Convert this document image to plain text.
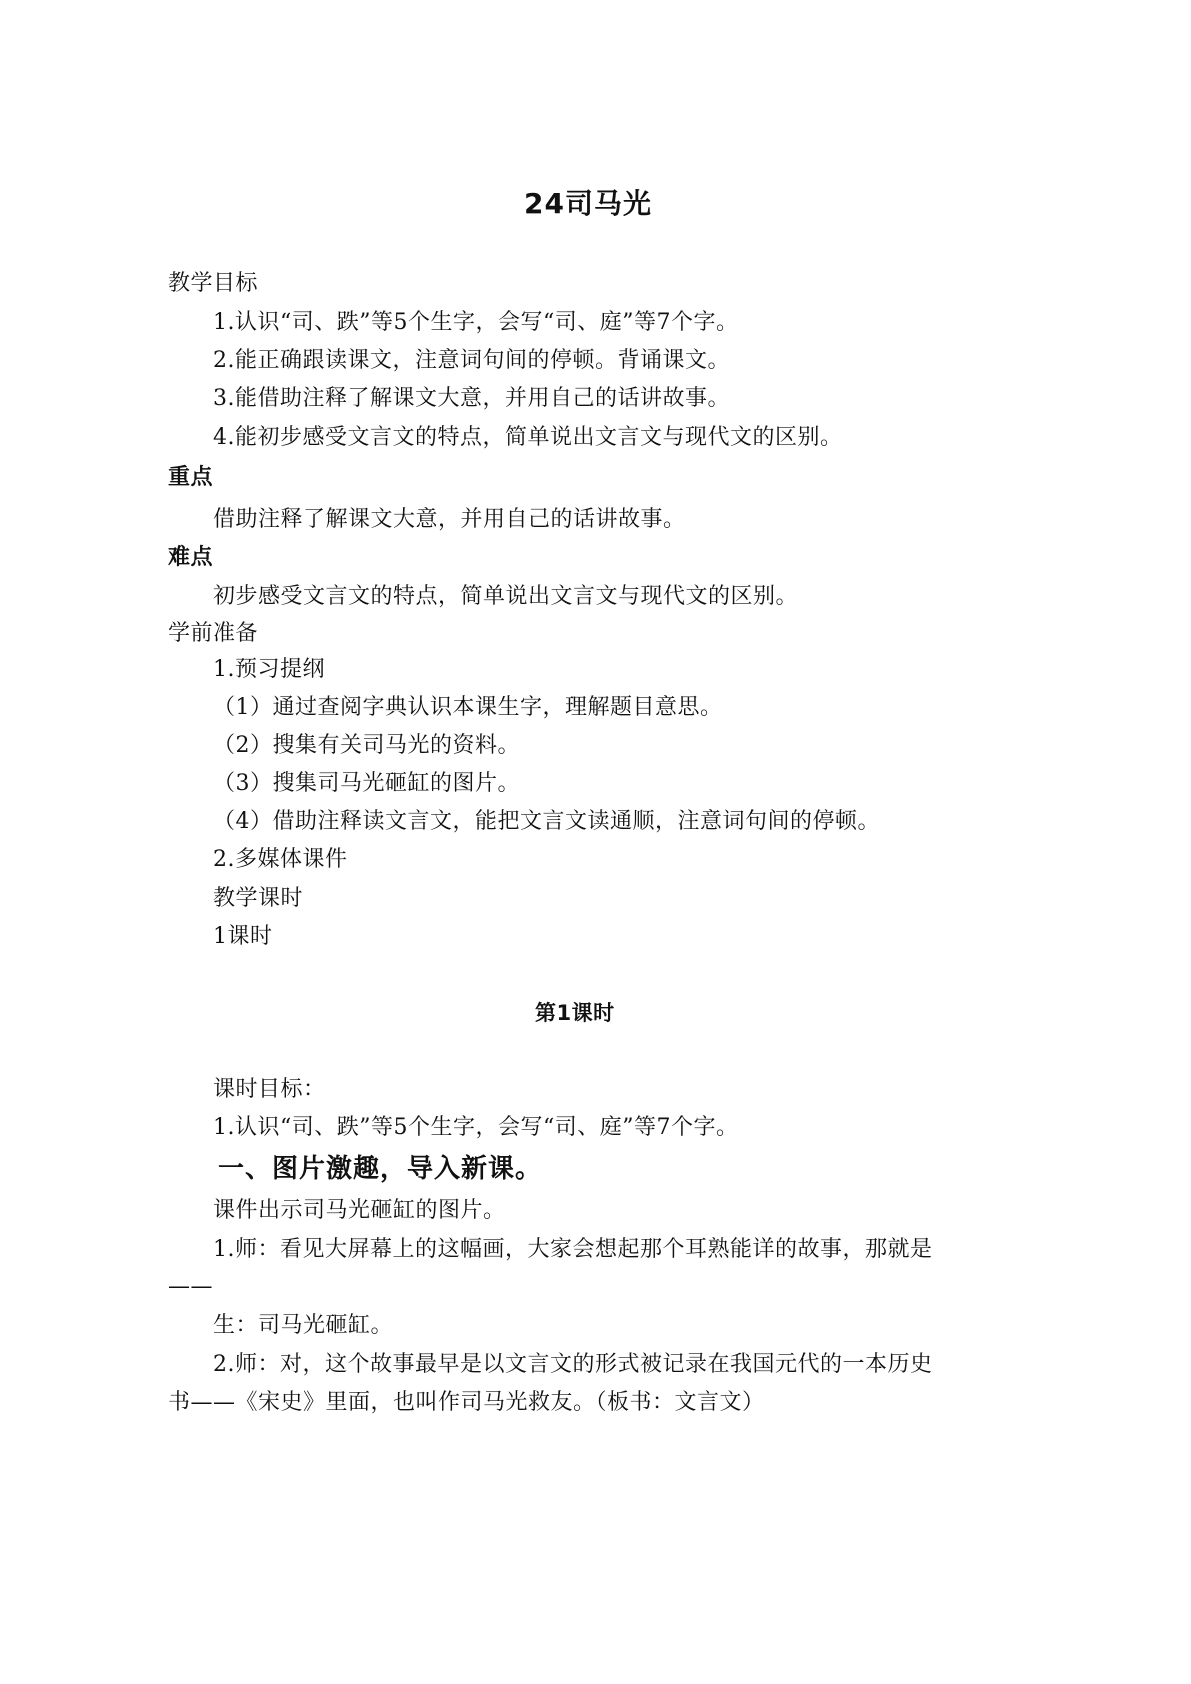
24司马光
教学目标
1.认识“司、跌”等5个生字，会写“司、庭”等7个字。
2.能正确跟读课文，注意词句间的停顿。背诵课文。
3.能借助注释了解课文大意，并用自己的话讲故事。
4.能初步感受文言文的特点，简单说出文言文与现代文的区别。
重点
借助注释了解课文大意，并用自己的话讲故事。
难点
初步感受文言文的特点，简单说出文言文与现代文的区别。
学前准备
1.预习提纲
（1）通过查阅字典认识本课生字，理解题目意思。
（2）搜集有关司马光的资料。
（3）搜集司马光砸缸的图片。
（4）借助注释读文言文，能把文言文读通顺，注意词句间的停顿。
2.多媒体课件
教学课时
1课时
第1课时
课时目标：
1.认识“司、跌”等5个生字，会写“司、庭”等7个字。
一、图片激趣，导入新课。
课件出示司马光砸缸的图片。
1.师：看见大屏幕上的这幅画，大家会想起那个耳熟能详的故事，那就是
——
生：司马光砸缸。
2.师：对，这个故事最早是以文言文的形式被记录在我国元代的一本历史
书——《宋史》里面，也叫作司马光救友。（板书：文言文）
